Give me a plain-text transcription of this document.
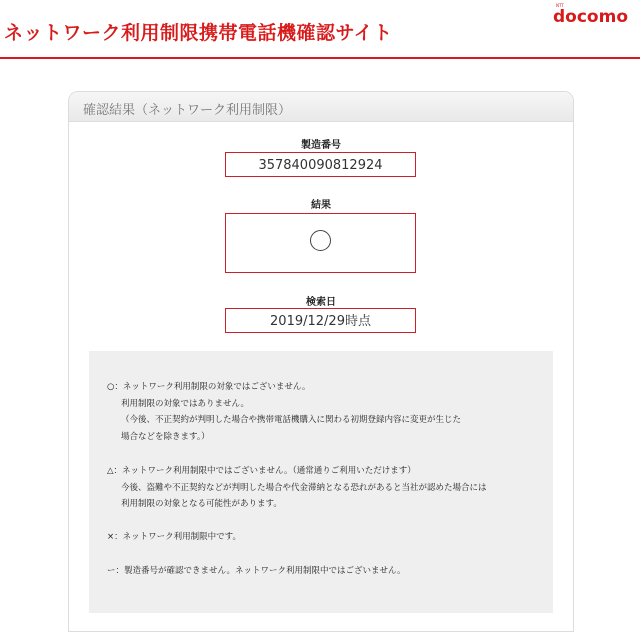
ネットワーク利用制限携帯電話機確認サイト
NTT
docomo
確認結果（ネットワーク利用制限）
製造番号
357840090812924
結果
検索日
2019/12/29時点
○：ネットワーク利用制限の対象ではございません。
利用制限の対象ではありません。
（今後、不正契約が判明した場合や携帯電話機購入に関わる初期登録内容に変更が生じた
場合などを除きます。）
△：ネットワーク利用制限中ではございません。（通常通りご利用いただけます）
今後、盗難や不正契約などが判明した場合や代金滞納となる恐れがあると当社が認めた場合には
利用制限の対象となる可能性があります。
×：ネットワーク利用制限中です。
ー：製造番号が確認できません。ネットワーク利用制限中ではございません。
